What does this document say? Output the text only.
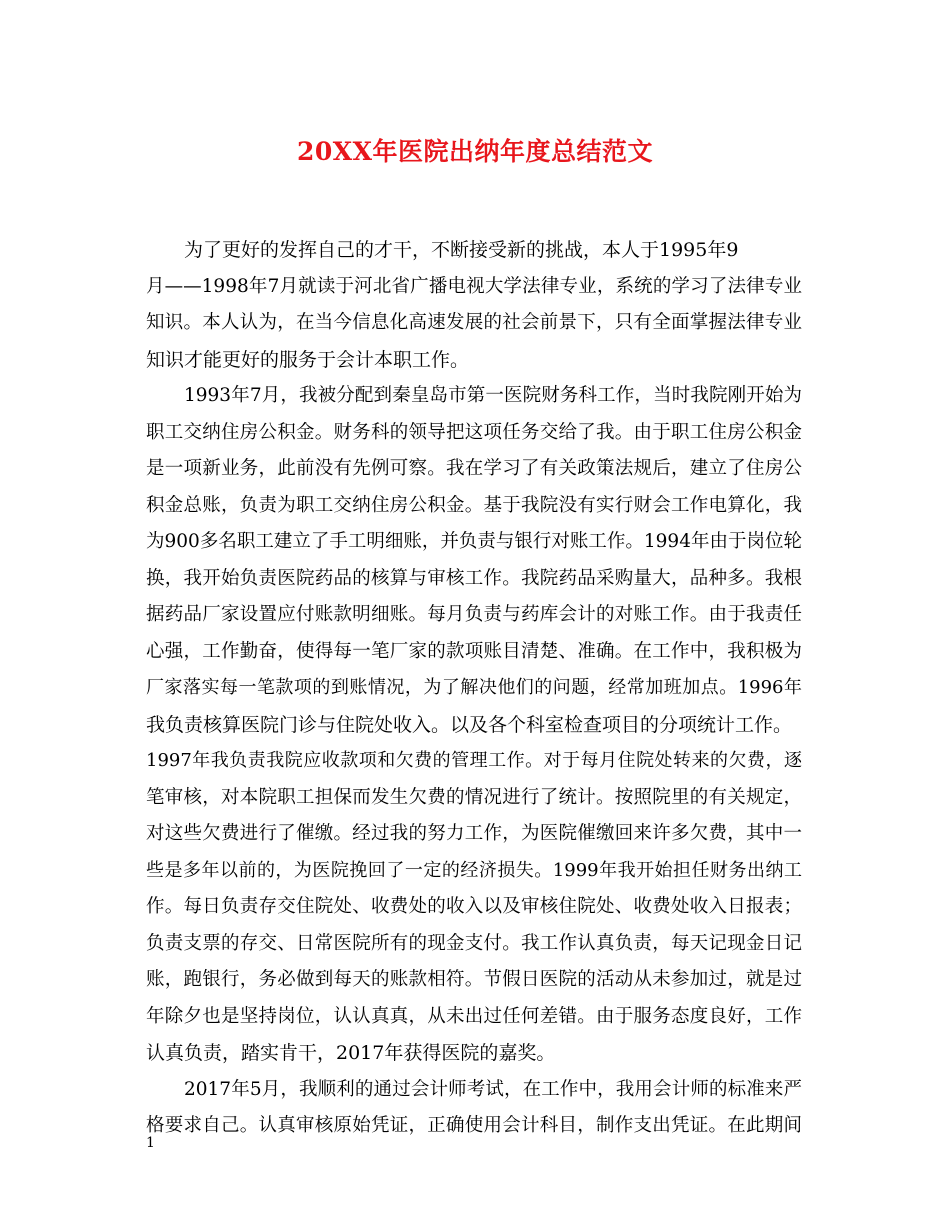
20XX年医院出纳年度总结范文
为了更好的发挥自己的才干，不断接受新的挑战，本人于1995年9
月——1998年7月就读于河北省广播电视大学法律专业，系统的学习了法律专业
知识。本人认为，在当今信息化高速发展的社会前景下，只有全面掌握法律专业
知识才能更好的服务于会计本职工作。
1993年7月，我被分配到秦皇岛市第一医院财务科工作，当时我院刚开始为
职工交纳住房公积金。财务科的领导把这项任务交给了我。由于职工住房公积金
是一项新业务，此前没有先例可察。我在学习了有关政策法规后，建立了住房公
积金总账，负责为职工交纳住房公积金。基于我院没有实行财会工作电算化，我
为900多名职工建立了手工明细账，并负责与银行对账工作。1994年由于岗位轮
换，我开始负责医院药品的核算与审核工作。我院药品采购量大，品种多。我根
据药品厂家设置应付账款明细账。每月负责与药库会计的对账工作。由于我责任
心强，工作勤奋，使得每一笔厂家的款项账目清楚、准确。在工作中，我积极为
厂家落实每一笔款项的到账情况，为了解决他们的问题，经常加班加点。1996年
我负责核算医院门诊与住院处收入。以及各个科室检查项目的分项统计工作。
1997年我负责我院应收款项和欠费的管理工作。对于每月住院处转来的欠费，逐
笔审核，对本院职工担保而发生欠费的情况进行了统计。按照院里的有关规定，
对这些欠费进行了催缴。经过我的努力工作，为医院催缴回来许多欠费，其中一
些是多年以前的，为医院挽回了一定的经济损失。1999年我开始担任财务出纳工
作。每日负责存交住院处、收费处的收入以及审核住院处、收费处收入日报表；
负责支票的存交、日常医院所有的现金支付。我工作认真负责，每天记现金日记
账，跑银行，务必做到每天的账款相符。节假日医院的活动从未参加过，就是过
年除夕也是坚持岗位，认认真真，从未出过任何差错。由于服务态度良好，工作
认真负责，踏实肯干，2017年获得医院的嘉奖。
2017年5月，我顺利的通过会计师考试，在工作中，我用会计师的标准来严
格要求自己。认真审核原始凭证，正确使用会计科目，制作支出凭证。在此期间
1
